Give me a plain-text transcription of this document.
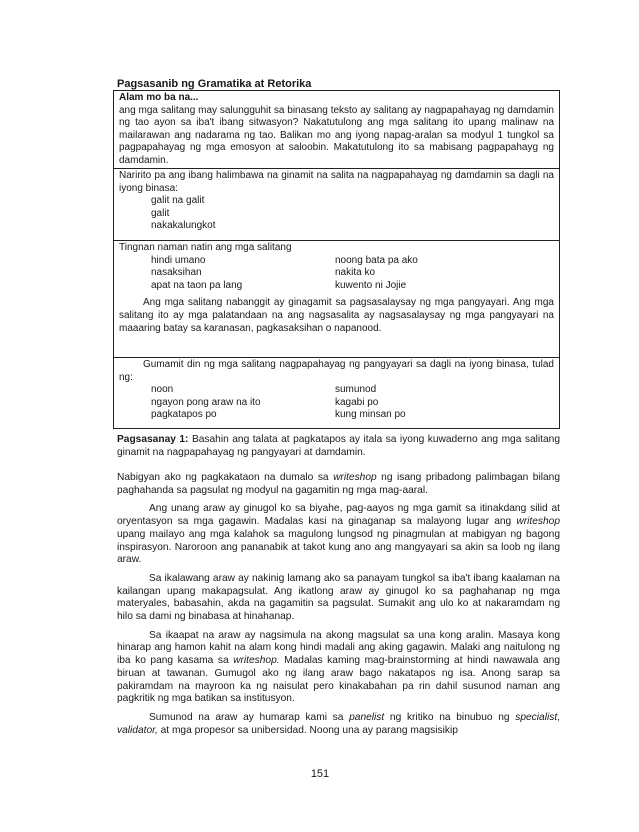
Pagsasanib ng Gramatika at Retorika
Alam mo ba na...
ang mga salitang may salungguhit sa binasang teksto ay salitang ay nagpapahayag ng damdamin ng tao ayon sa iba't ibang sitwasyon? Nakatutulong ang mga salitang ito upang malinaw na mailarawan ang nadarama ng tao. Balikan mo ang iyong napag-aralan sa modyul 1 tungkol sa pagpapahayag ng mga emosyon at saloobin. Makatutulong ito sa mabisang pagpapahayg ng damdamin.
Naririto pa ang ibang halimbawa na ginamit na salita na nagpapahayag ng damdamin sa dagli na iyong binasa:
galit na galit
galit
nakakalungkot
Tingnan naman natin ang mga salitang
hindi umano	noong bata pa ako
nasaksihan	nakita ko
apat na taon pa lang	kuwento ni Jojie
Ang mga salitang nabanggit ay ginagamit sa pagsasalaysay ng mga pangyayari. Ang mga salitang ito ay mga palatandaan na ang nagsasalita ay nagsasalaysay ng mga pangyayari na maaaring batay sa karanasan, pagkasaksihan o napanood.
Gumamit din ng mga salitang nagpapahayag ng pangyayari sa dagli na iyong binasa, tulad ng:
noon	sumunod
ngayon pong araw na ito	kagabi po
pagkatapos po	kung minsan po

Pagsasanay 1: Basahin ang talata at pagkatapos ay itala sa iyong kuwaderno ang mga salitang ginamit na nagpapahayag ng pangyayari at damdamin.

Nabigyan ako ng pagkakataon na dumalo sa writeshop ng isang pribadong palimbagan bilang paghahanda sa pagsulat ng modyul na gagamitin ng mga mag-aaral.

Ang unang araw ay ginugol ko sa biyahe, pag-aayos ng mga gamit sa itinakdang silid at oryentasyon sa mga gagawin. Madalas kasi na ginaganap sa malayong lugar ang writeshop upang mailayo ang mga kalahok sa magulong lungsod ng pinagmulan at mabigyan ng bagong inspirasyon. Naroroon ang pananabik at takot kung ano ang mangyayari sa akin sa loob ng ilang araw.

Sa ikalawang araw ay nakinig lamang ako sa panayam tungkol sa iba't ibang kaalaman na kailangan upang makapagsulat. Ang ikatlong araw ay ginugol ko sa paghahanap ng mga materyales, babasahin, akda na gagamitin sa pagsulat. Sumakit ang ulo ko at nakaramdam ng hilo sa dami ng binabasa at hinahanap.

Sa ikaapat na araw ay nagsimula na akong magsulat sa una kong aralin. Masaya kong hinarap ang hamon kahit na alam kong hindi madali ang aking gagawin. Malaki ang naitulong ng iba ko pang kasama sa writeshop. Madalas kaming mag-brainstorming at hindi nawawala ang biruan at tawanan. Gumugol ako ng ilang araw bago nakatapos ng isa. Anong sarap sa pakiramdam na mayroon ka ng naisulat pero kinakabahan pa rin dahil susunod naman ang pagkritik ng mga batikan sa institusyon.

Sumunod na araw ay humarap kami sa panelist ng kritiko na binubuo ng specialist, validator, at mga propesor sa unibersidad. Noong una ay parang magsisikip

151
